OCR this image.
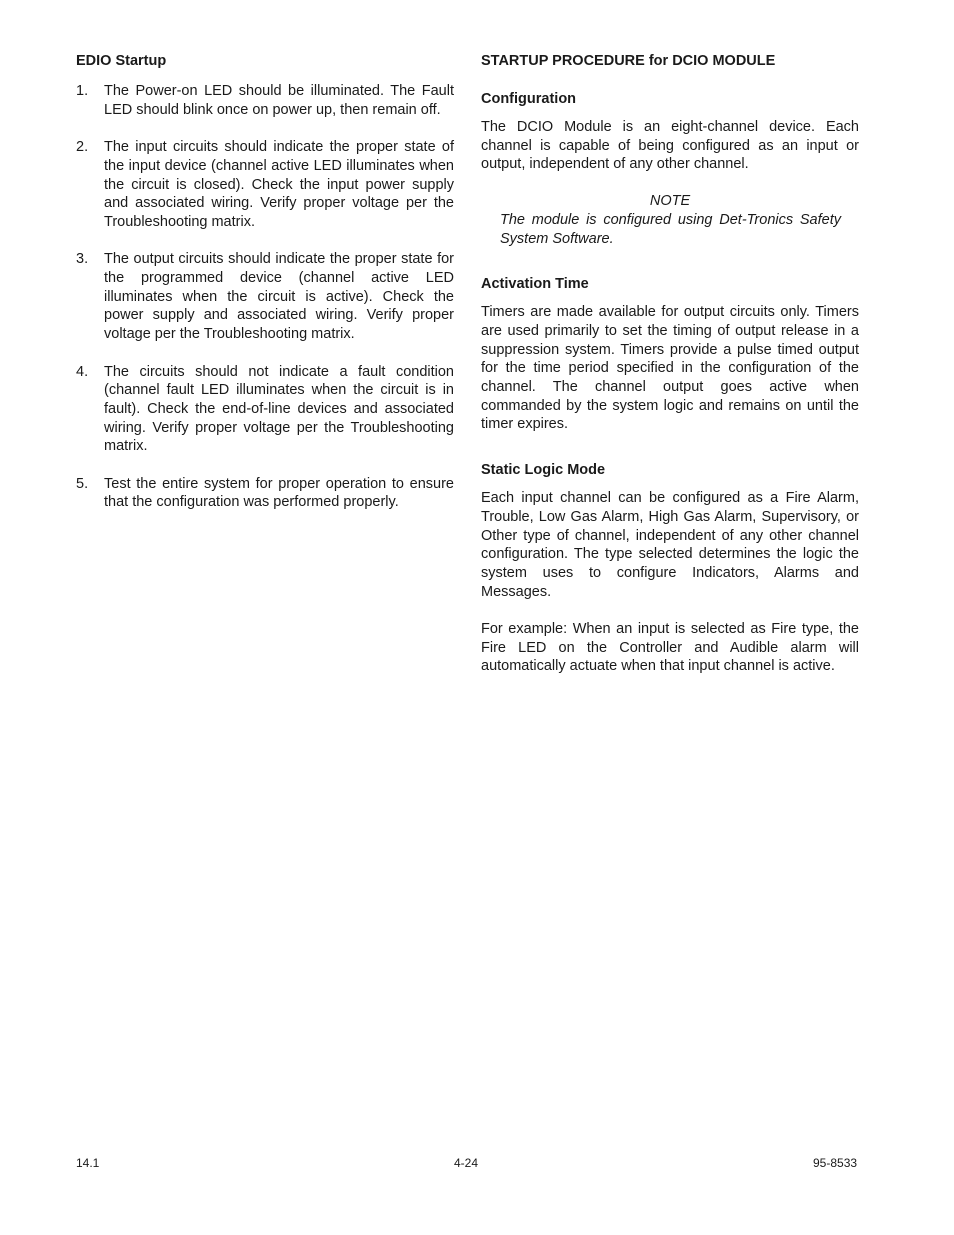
EDIO Startup
1. The Power-on LED should be illuminated. The Fault LED should blink once on power up, then remain off.
2. The input circuits should indicate the proper state of the input device (channel active LED illuminates when the circuit is closed). Check the input power supply and associated wiring. Verify proper voltage per the Troubleshooting matrix.
3. The output circuits should indicate the proper state for the programmed device (channel active LED illuminates when the circuit is active). Check the power supply and associated wiring. Verify proper voltage per the Troubleshooting matrix.
4. The circuits should not indicate a fault condition (channel fault LED illuminates when the circuit is in fault). Check the end-of-line devices and associated wiring. Verify proper voltage per the Troubleshooting matrix.
5. Test the entire system for proper operation to ensure that the configuration was performed properly.
STARTUP PROCEDURE for DCIO MODULE
Configuration

The DCIO Module is an eight-channel device. Each channel is capable of being configured as an input or output, independent of any other channel.

NOTE

The module is configured using Det-Tronics Safety System Software.

Activation Time

Timers are made available for output circuits only. Timers are used primarily to set the timing of output release in a suppression system. Timers provide a pulse timed output for the time period specified in the configuration of the channel. The channel output goes active when commanded by the system logic and remains on until the timer expires.

Static Logic Mode

Each input channel can be configured as a Fire Alarm, Trouble, Low Gas Alarm, High Gas Alarm, Supervisory, or Other type of channel, independent of any other channel configuration. The type selected determines the logic the system uses to configure Indicators, Alarms and Messages.

For example: When an input is selected as Fire type, the Fire LED on the Controller and Audible alarm will automatically actuate when that input channel is active.

14.1	4-24	95-8533
